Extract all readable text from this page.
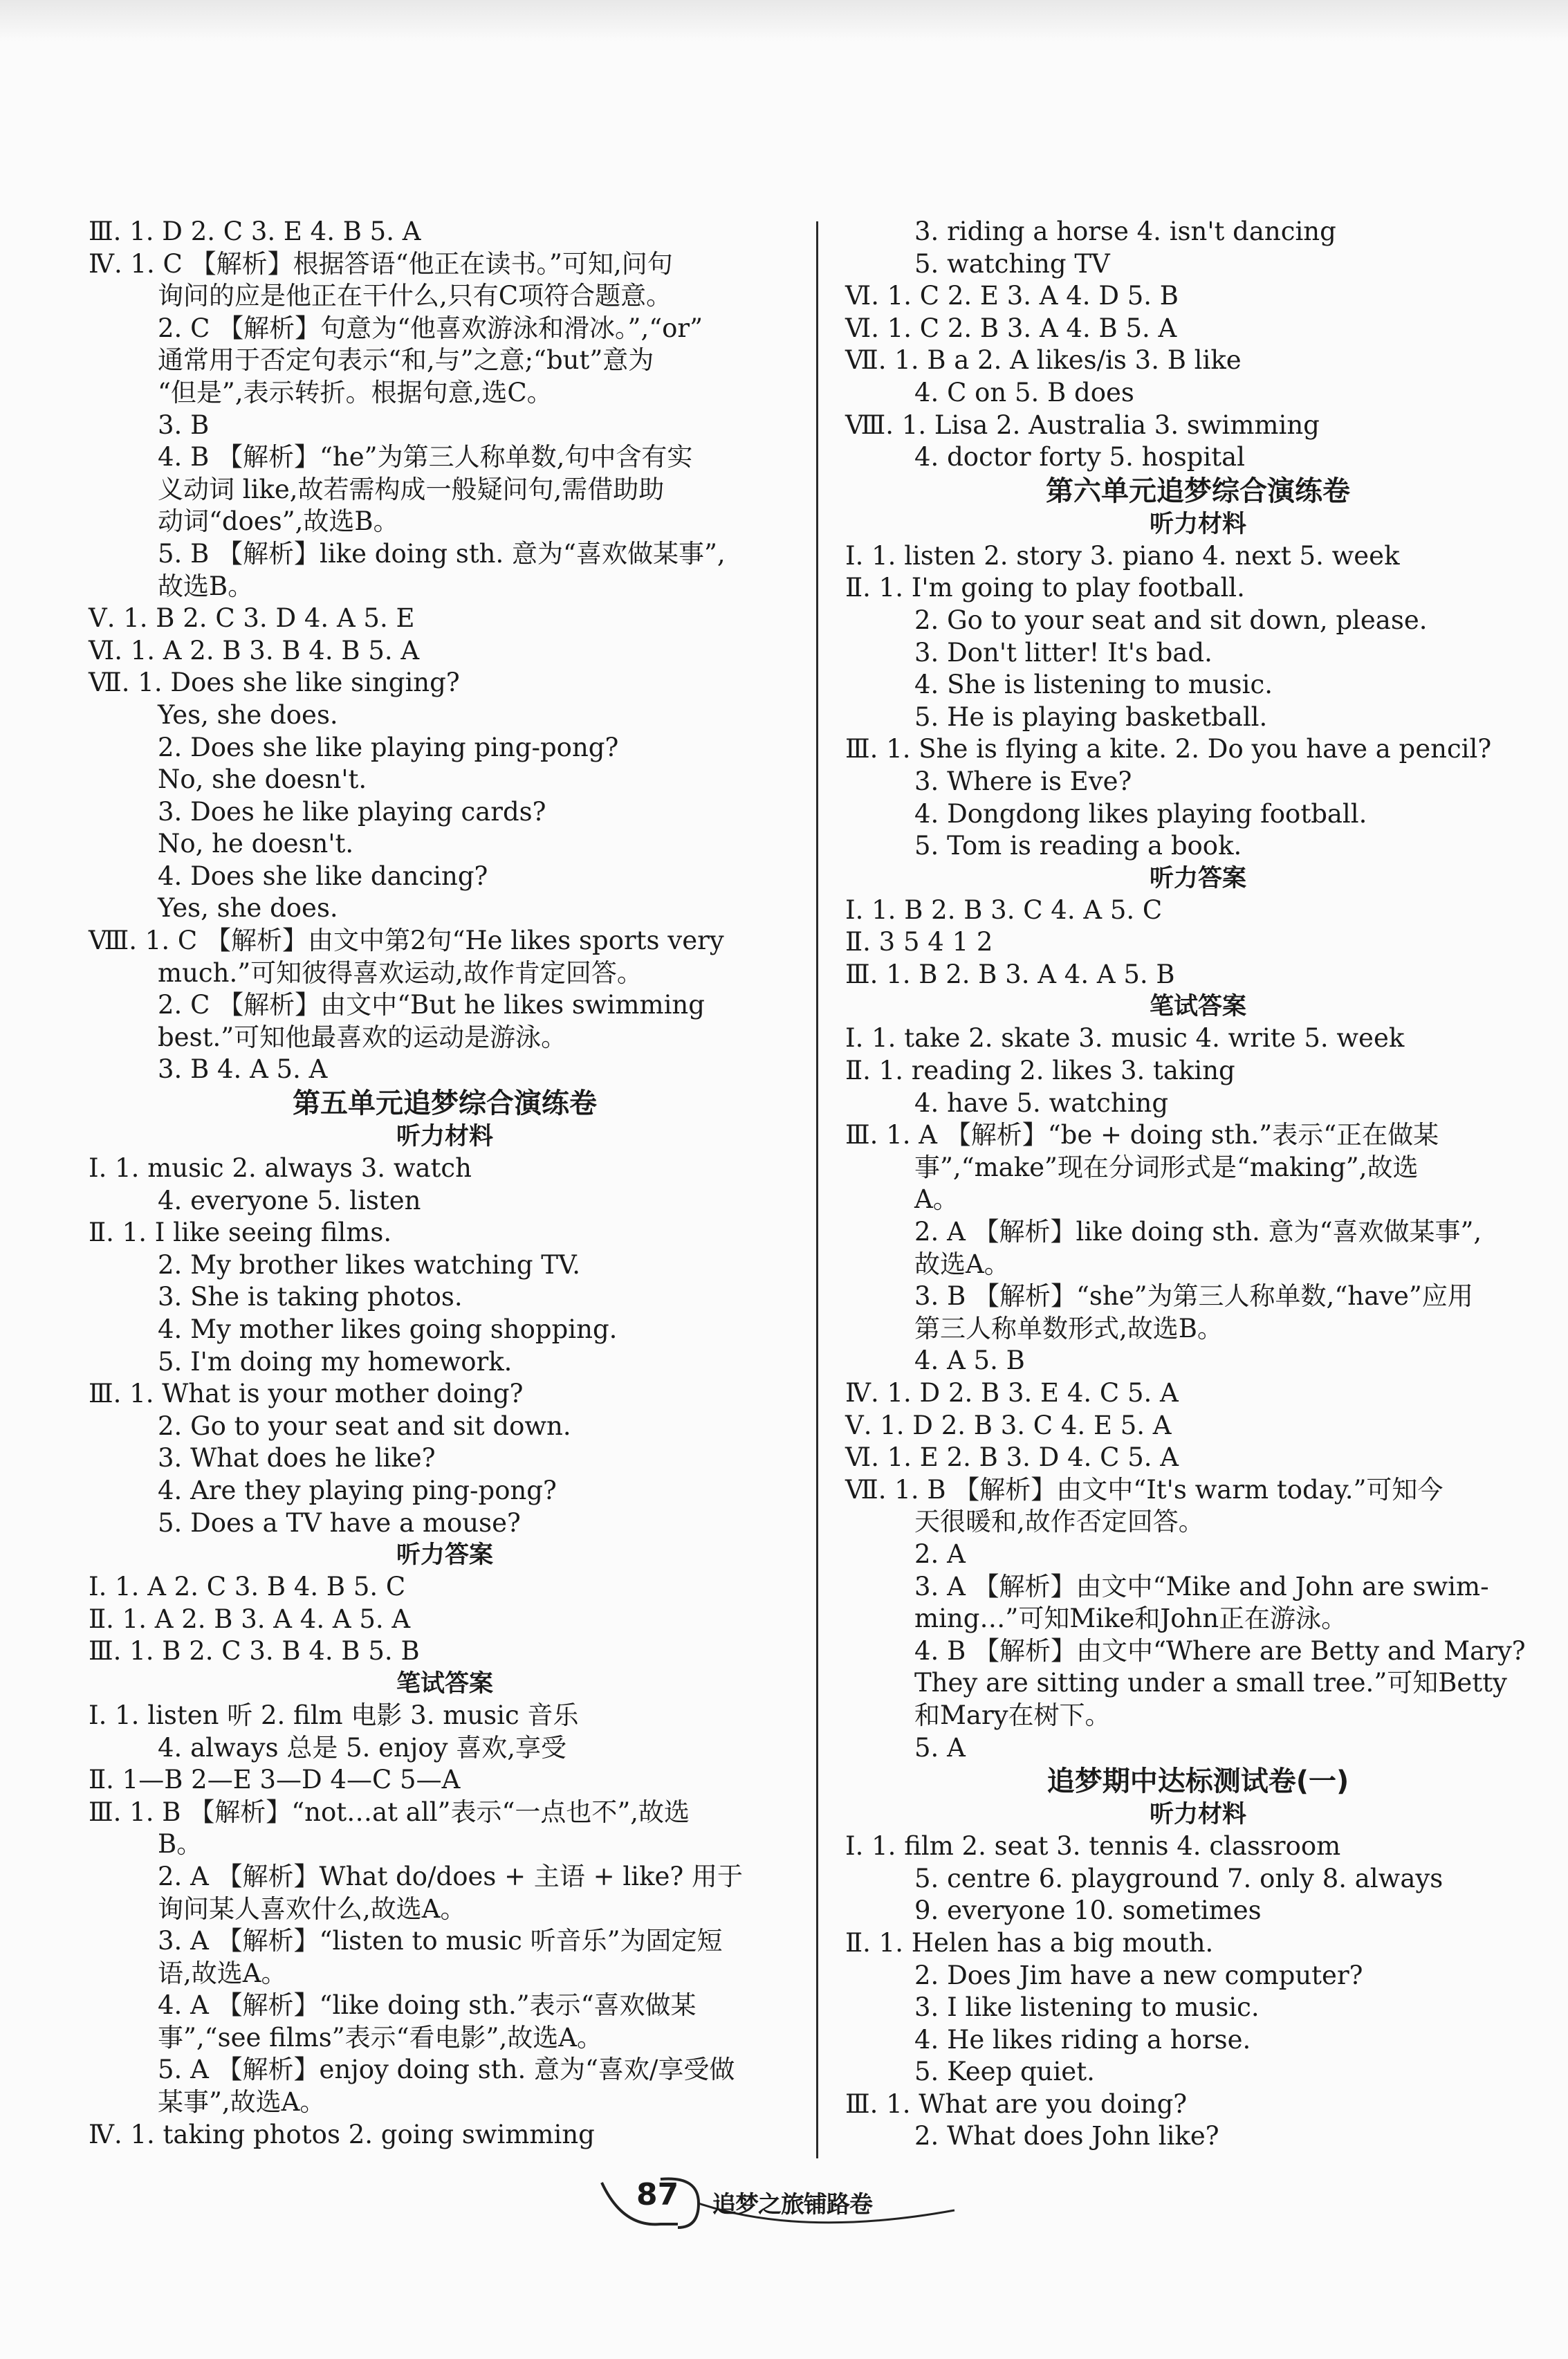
Ⅲ. 1. D 2. C 3. E 4. B 5. A
Ⅳ. 1. C 【解析】根据答语“他正在读书。”可知,问句
询问的应是他正在干什么,只有C项符合题意。
2. C 【解析】句意为“他喜欢游泳和滑冰。”,“or”
通常用于否定句表示“和,与”之意;“but”意为
“但是”,表示转折。根据句意,选C。
3. B
4. B 【解析】“he”为第三人称单数,句中含有实
义动词 like,故若需构成一般疑问句,需借助助
动词“does”,故选B。
5. B 【解析】like doing sth. 意为“喜欢做某事”,
故选B。
Ⅴ. 1. B 2. C 3. D 4. A 5. E
Ⅵ. 1. A 2. B 3. B 4. B 5. A
Ⅶ. 1. Does she like singing?
Yes, she does.
2. Does she like playing ping-pong?
No, she doesn't.
3. Does he like playing cards?
No, he doesn't.
4. Does she like dancing?
Yes, she does.
Ⅷ. 1. C 【解析】由文中第2句“He likes sports very
much.”可知彼得喜欢运动,故作肯定回答。
2. C 【解析】由文中“But he likes swimming
best.”可知他最喜欢的运动是游泳。
3. B 4. A 5. A
第五单元追梦综合演练卷
听力材料
Ⅰ. 1. music 2. always 3. watch
4. everyone 5. listen
Ⅱ. 1. I like seeing films.
2. My brother likes watching TV.
3. She is taking photos.
4. My mother likes going shopping.
5. I'm doing my homework.
Ⅲ. 1. What is your mother doing?
2. Go to your seat and sit down.
3. What does he like?
4. Are they playing ping-pong?
5. Does a TV have a mouse?
听力答案
Ⅰ. 1. A 2. C 3. B 4. B 5. C
Ⅱ. 1. A 2. B 3. A 4. A 5. A
Ⅲ. 1. B 2. C 3. B 4. B 5. B
笔试答案
Ⅰ. 1. listen 听 2. film 电影 3. music 音乐
4. always 总是 5. enjoy 喜欢,享受
Ⅱ. 1—B 2—E 3—D 4—C 5—A
Ⅲ. 1. B 【解析】“not…at all”表示“一点也不”,故选
B。
2. A 【解析】What do/does + 主语 + like? 用于
询问某人喜欢什么,故选A。
3. A 【解析】“listen to music 听音乐”为固定短
语,故选A。
4. A 【解析】“like doing sth.”表示“喜欢做某
事”,“see films”表示“看电影”,故选A。
5. A 【解析】enjoy doing sth. 意为“喜欢/享受做
某事”,故选A。
Ⅳ. 1. taking photos 2. going swimming
3. riding a horse 4. isn't dancing
5. watching TV
Ⅵ. 1. C 2. E 3. A 4. D 5. B
Ⅵ. 1. C 2. B 3. A 4. B 5. A
Ⅶ. 1. B a 2. A likes/is 3. B like
4. C on 5. B does
Ⅷ. 1. Lisa 2. Australia 3. swimming
4. doctor forty 5. hospital
第六单元追梦综合演练卷
听力材料
Ⅰ. 1. listen 2. story 3. piano 4. next 5. week
Ⅱ. 1. I'm going to play football.
2. Go to your seat and sit down, please.
3. Don't litter! It's bad.
4. She is listening to music.
5. He is playing basketball.
Ⅲ. 1. She is flying a kite. 2. Do you have a pencil?
3. Where is Eve?
4. Dongdong likes playing football.
5. Tom is reading a book.
听力答案
Ⅰ. 1. B 2. B 3. C 4. A 5. C
Ⅱ. 3 5 4 1 2
Ⅲ. 1. B 2. B 3. A 4. A 5. B
笔试答案
Ⅰ. 1. take 2. skate 3. music 4. write 5. week
Ⅱ. 1. reading 2. likes 3. taking
4. have 5. watching
Ⅲ. 1. A 【解析】“be + doing sth.”表示“正在做某
事”,“make”现在分词形式是“making”,故选
A。
2. A 【解析】like doing sth. 意为“喜欢做某事”,
故选A。
3. B 【解析】“she”为第三人称单数,“have”应用
第三人称单数形式,故选B。
4. A 5. B
Ⅳ. 1. D 2. B 3. E 4. C 5. A
Ⅴ. 1. D 2. B 3. C 4. E 5. A
Ⅵ. 1. E 2. B 3. D 4. C 5. A
Ⅶ. 1. B 【解析】由文中“It's warm today.”可知今
天很暖和,故作否定回答。
2. A
3. A 【解析】由文中“Mike and John are swim-
ming…”可知Mike和John正在游泳。
4. B 【解析】由文中“Where are Betty and Mary?
They are sitting under a small tree.”可知Betty
和Mary在树下。
5. A
追梦期中达标测试卷(一)
听力材料
Ⅰ. 1. film 2. seat 3. tennis 4. classroom
5. centre 6. playground 7. only 8. always
9. everyone 10. sometimes
Ⅱ. 1. Helen has a big mouth.
2. Does Jim have a new computer?
3. I like listening to music.
4. He likes riding a horse.
5. Keep quiet.
Ⅲ. 1. What are you doing?
2. What does John like?
87 追梦之旅铺路卷
